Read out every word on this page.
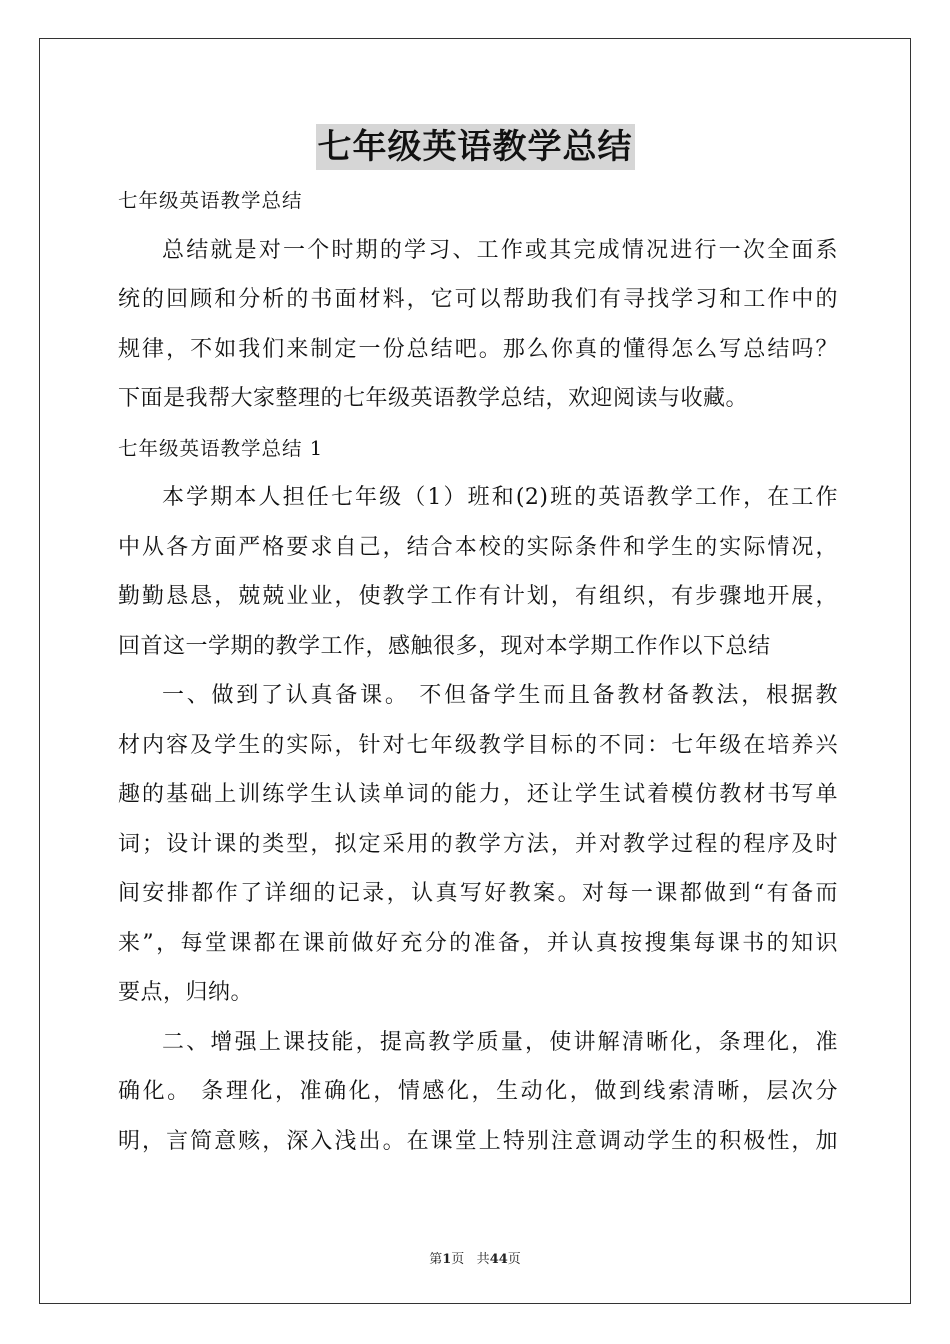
七年级英语教学总结

七年级英语教学总结

总结就是对一个时期的学习、工作或其完成情况进行一次全面系

统的回顾和分析的书面材料，它可以帮助我们有寻找学习和工作中的

规律，不如我们来制定一份总结吧。那么你真的懂得怎么写总结吗？

下面是我帮大家整理的七年级英语教学总结，欢迎阅读与收藏。

七年级英语教学总结 1

本学期本人担任七年级（1）班和(2)班的英语教学工作，在工作

中从各方面严格要求自己，结合本校的实际条件和学生的实际情况，

勤勤恳恳，兢兢业业，使教学工作有计划，有组织，有步骤地开展，

回首这一学期的教学工作，感触很多，现对本学期工作作以下总结

一、做到了认真备课。 不但备学生而且备教材备教法，根据教

材内容及学生的实际，针对七年级教学目标的不同：七年级在培养兴

趣的基础上训练学生认读单词的能力，还让学生试着模仿教材书写单

词；设计课的类型，拟定采用的教学方法，并对教学过程的程序及时

间安排都作了详细的记录，认真写好教案。对每一课都做到“有备而

来”，每堂课都在课前做好充分的准备，并认真按搜集每课书的知识

要点，归纳。

二、增强上课技能，提高教学质量，使讲解清晰化，条理化，准

确化。 条理化，准确化，情感化，生动化，做到线索清晰，层次分

明，言简意赅，深入浅出。在课堂上特别注意调动学生的积极性，加

第1页 共44页
